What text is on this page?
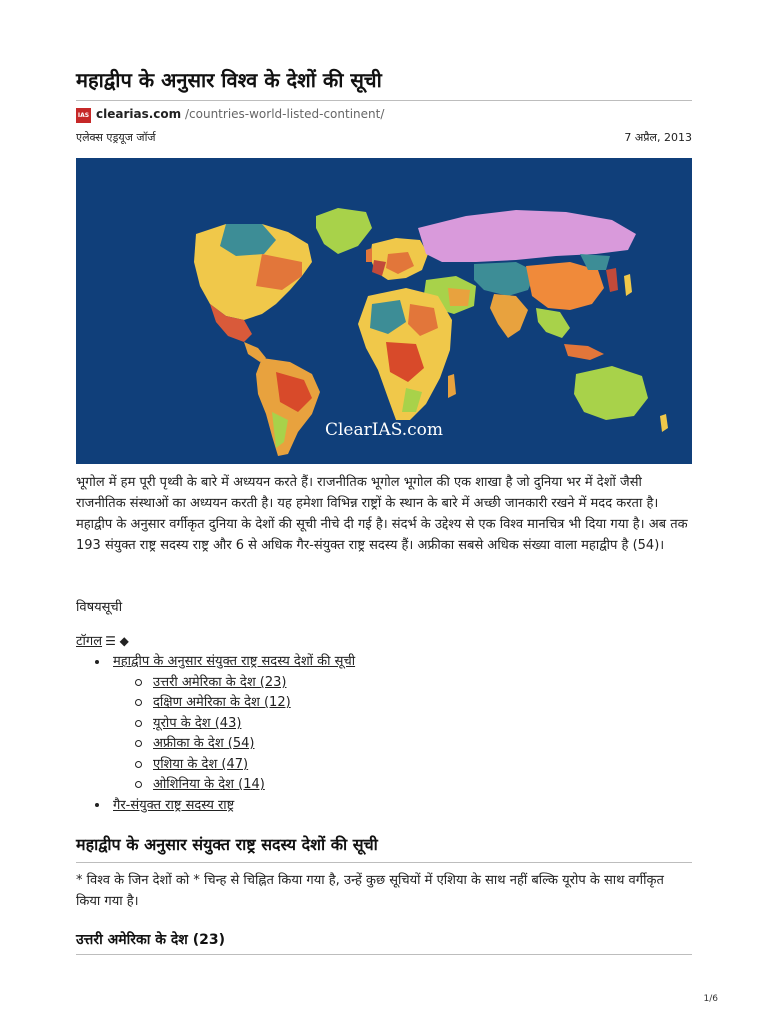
महाद्वीप के अनुसार विश्व के देशों की सूची
IAS clearias.com /countries-world-listed-continent/
एलेक्स एड्रयूज जॉर्ज	7 अप्रैल, 2013
ClearIAS.com
भूगोल में हम पूरी पृथ्वी के बारे में अध्ययन करते हैं। राजनीतिक भूगोल भूगोल की एक शाखा है जो दुनिया भर में देशों जैसी राजनीतिक संस्थाओं का अध्ययन करती है। यह हमेशा विभिन्न राष्ट्रों के स्थान के बारे में अच्छी जानकारी रखने में मदद करता है। महाद्वीप के अनुसार वर्गीकृत दुनिया के देशों की सूची नीचे दी गई है। संदर्भ के उद्देश्य से एक विश्व मानचित्र भी दिया गया है। अब तक 193 संयुक्त राष्ट्र सदस्य राष्ट्र और 6 से अधिक गैर-संयुक्त राष्ट्र सदस्य हैं। अफ्रीका सबसे अधिक संख्या वाला महाद्वीप है (54)।
विषयसूची
टॉगल ☰ ◆
महाद्वीप के अनुसार संयुक्त राष्ट्र सदस्य देशों की सूची
उत्तरी अमेरिका के देश (23)
दक्षिण अमेरिका के देश (12)
यूरोप के देश (43)
अफ्रीका के देश (54)
एशिया के देश (47)
ओशिनिया के देश (14)
गैर-संयुक्त राष्ट्र सदस्य राष्ट्र
महाद्वीप के अनुसार संयुक्त राष्ट्र सदस्य देशों की सूची
* विश्व के जिन देशों को * चिन्ह से चिह्नित किया गया है, उन्हें कुछ सूचियों में एशिया के साथ नहीं बल्कि यूरोप के साथ वर्गीकृत किया गया है।
उत्तरी अमेरिका के देश (23)
1/6
